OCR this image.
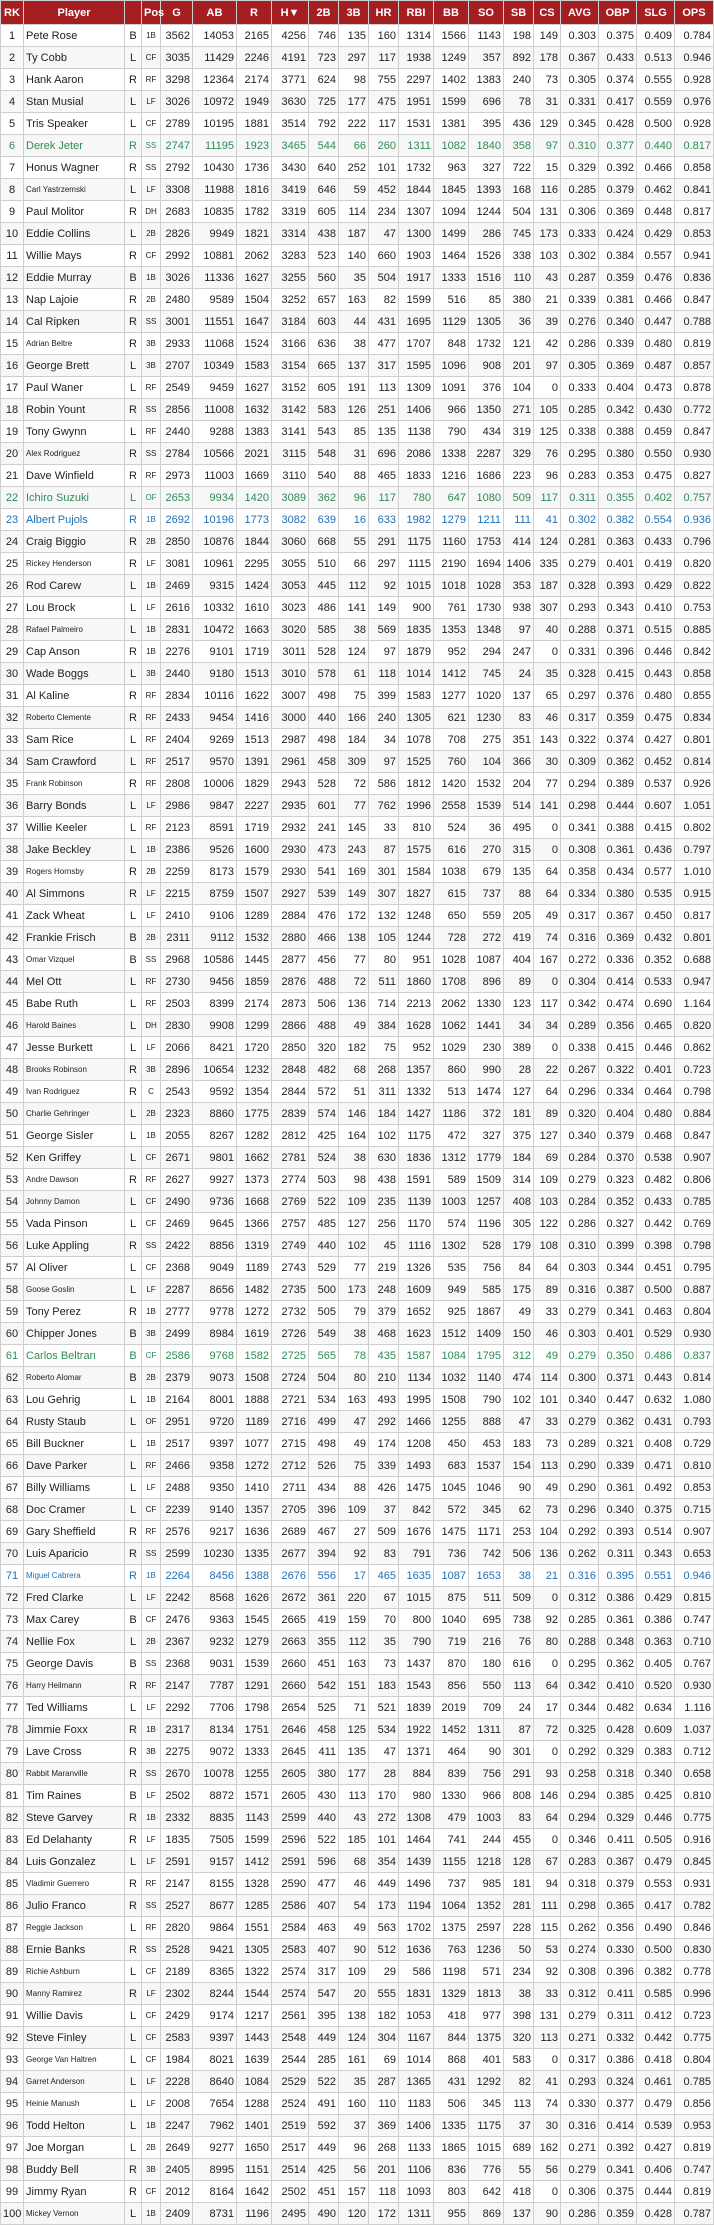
RK	Player		Pos	G	AB	R	H▼	2B	3B	HR	RBI	BB	SO	SB	CS	AVG	OBP	SLG	OPS
1	Pete Rose	B	1B	3562	14053	2165	4256	746	135	160	1314	1566	1143	198	149	0.303	0.375	0.409	0.784
2	Ty Cobb	L	CF	3035	11429	2246	4191	723	297	117	1938	1249	357	892	178	0.367	0.433	0.513	0.946
3	Hank Aaron	R	RF	3298	12364	2174	3771	624	98	755	2297	1402	1383	240	73	0.305	0.374	0.555	0.928
4	Stan Musial	L	LF	3026	10972	1949	3630	725	177	475	1951	1599	696	78	31	0.331	0.417	0.559	0.976
5	Tris Speaker	L	CF	2789	10195	1881	3514	792	222	117	1531	1381	395	436	129	0.345	0.428	0.500	0.928
6	Derek Jeter	R	SS	2747	11195	1923	3465	544	66	260	1311	1082	1840	358	97	0.310	0.377	0.440	0.817
7	Honus Wagner	R	SS	2792	10430	1736	3430	640	252	101	1732	963	327	722	15	0.329	0.392	0.466	0.858
8	Carl Yastrzemski	L	LF	3308	11988	1816	3419	646	59	452	1844	1845	1393	168	116	0.285	0.379	0.462	0.841
9	Paul Molitor	R	DH	2683	10835	1782	3319	605	114	234	1307	1094	1244	504	131	0.306	0.369	0.448	0.817
10	Eddie Collins	L	2B	2826	9949	1821	3314	438	187	47	1300	1499	286	745	173	0.333	0.424	0.429	0.853
11	Willie Mays	R	CF	2992	10881	2062	3283	523	140	660	1903	1464	1526	338	103	0.302	0.384	0.557	0.941
12	Eddie Murray	B	1B	3026	11336	1627	3255	560	35	504	1917	1333	1516	110	43	0.287	0.359	0.476	0.836
13	Nap Lajoie	R	2B	2480	9589	1504	3252	657	163	82	1599	516	85	380	21	0.339	0.381	0.466	0.847
14	Cal Ripken	R	SS	3001	11551	1647	3184	603	44	431	1695	1129	1305	36	39	0.276	0.340	0.447	0.788
15	Adrian Beltre	R	3B	2933	11068	1524	3166	636	38	477	1707	848	1732	121	42	0.286	0.339	0.480	0.819
16	George Brett	L	3B	2707	10349	1583	3154	665	137	317	1595	1096	908	201	97	0.305	0.369	0.487	0.857
17	Paul Waner	L	RF	2549	9459	1627	3152	605	191	113	1309	1091	376	104	0	0.333	0.404	0.473	0.878
18	Robin Yount	R	SS	2856	11008	1632	3142	583	126	251	1406	966	1350	271	105	0.285	0.342	0.430	0.772
19	Tony Gwynn	L	RF	2440	9288	1383	3141	543	85	135	1138	790	434	319	125	0.338	0.388	0.459	0.847
20	Alex Rodriguez	R	SS	2784	10566	2021	3115	548	31	696	2086	1338	2287	329	76	0.295	0.380	0.550	0.930
21	Dave Winfield	R	RF	2973	11003	1669	3110	540	88	465	1833	1216	1686	223	96	0.283	0.353	0.475	0.827
22	Ichiro Suzuki	L	OF	2653	9934	1420	3089	362	96	117	780	647	1080	509	117	0.311	0.355	0.402	0.757
23	Albert Pujols	R	1B	2692	10196	1773	3082	639	16	633	1982	1279	1211	111	41	0.302	0.382	0.554	0.936
24	Craig Biggio	R	2B	2850	10876	1844	3060	668	55	291	1175	1160	1753	414	124	0.281	0.363	0.433	0.796
25	Rickey Henderson	R	LF	3081	10961	2295	3055	510	66	297	1115	2190	1694	1406	335	0.279	0.401	0.419	0.820
26	Rod Carew	L	1B	2469	9315	1424	3053	445	112	92	1015	1018	1028	353	187	0.328	0.393	0.429	0.822
27	Lou Brock	L	LF	2616	10332	1610	3023	486	141	149	900	761	1730	938	307	0.293	0.343	0.410	0.753
28	Rafael Palmeiro	L	1B	2831	10472	1663	3020	585	38	569	1835	1353	1348	97	40	0.288	0.371	0.515	0.885
29	Cap Anson	R	1B	2276	9101	1719	3011	528	124	97	1879	952	294	247	0	0.331	0.396	0.446	0.842
30	Wade Boggs	L	3B	2440	9180	1513	3010	578	61	118	1014	1412	745	24	35	0.328	0.415	0.443	0.858
31	Al Kaline	R	RF	2834	10116	1622	3007	498	75	399	1583	1277	1020	137	65	0.297	0.376	0.480	0.855
32	Roberto Clemente	R	RF	2433	9454	1416	3000	440	166	240	1305	621	1230	83	46	0.317	0.359	0.475	0.834
33	Sam Rice	L	RF	2404	9269	1513	2987	498	184	34	1078	708	275	351	143	0.322	0.374	0.427	0.801
34	Sam Crawford	L	RF	2517	9570	1391	2961	458	309	97	1525	760	104	366	30	0.309	0.362	0.452	0.814
35	Frank Robinson	R	RF	2808	10006	1829	2943	528	72	586	1812	1420	1532	204	77	0.294	0.389	0.537	0.926
36	Barry Bonds	L	LF	2986	9847	2227	2935	601	77	762	1996	2558	1539	514	141	0.298	0.444	0.607	1.051
37	Willie Keeler	L	RF	2123	8591	1719	2932	241	145	33	810	524	36	495	0	0.341	0.388	0.415	0.802
38	Jake Beckley	L	1B	2386	9526	1600	2930	473	243	87	1575	616	270	315	0	0.308	0.361	0.436	0.797
39	Rogers Hornsby	R	2B	2259	8173	1579	2930	541	169	301	1584	1038	679	135	64	0.358	0.434	0.577	1.010
40	Al Simmons	R	LF	2215	8759	1507	2927	539	149	307	1827	615	737	88	64	0.334	0.380	0.535	0.915
41	Zack Wheat	L	LF	2410	9106	1289	2884	476	172	132	1248	650	559	205	49	0.317	0.367	0.450	0.817
42	Frankie Frisch	B	2B	2311	9112	1532	2880	466	138	105	1244	728	272	419	74	0.316	0.369	0.432	0.801
43	Omar Vizquel	B	SS	2968	10586	1445	2877	456	77	80	951	1028	1087	404	167	0.272	0.336	0.352	0.688
44	Mel Ott	L	RF	2730	9456	1859	2876	488	72	511	1860	1708	896	89	0	0.304	0.414	0.533	0.947
45	Babe Ruth	L	RF	2503	8399	2174	2873	506	136	714	2213	2062	1330	123	117	0.342	0.474	0.690	1.164
46	Harold Baines	L	DH	2830	9908	1299	2866	488	49	384	1628	1062	1441	34	34	0.289	0.356	0.465	0.820
47	Jesse Burkett	L	LF	2066	8421	1720	2850	320	182	75	952	1029	230	389	0	0.338	0.415	0.446	0.862
48	Brooks Robinson	R	3B	2896	10654	1232	2848	482	68	268	1357	860	990	28	22	0.267	0.322	0.401	0.723
49	Ivan Rodriguez	R	C	2543	9592	1354	2844	572	51	311	1332	513	1474	127	64	0.296	0.334	0.464	0.798
50	Charlie Gehringer	L	2B	2323	8860	1775	2839	574	146	184	1427	1186	372	181	89	0.320	0.404	0.480	0.884
51	George Sisler	L	1B	2055	8267	1282	2812	425	164	102	1175	472	327	375	127	0.340	0.379	0.468	0.847
52	Ken Griffey	L	CF	2671	9801	1662	2781	524	38	630	1836	1312	1779	184	69	0.284	0.370	0.538	0.907
53	Andre Dawson	R	RF	2627	9927	1373	2774	503	98	438	1591	589	1509	314	109	0.279	0.323	0.482	0.806
54	Johnny Damon	L	CF	2490	9736	1668	2769	522	109	235	1139	1003	1257	408	103	0.284	0.352	0.433	0.785
55	Vada Pinson	L	CF	2469	9645	1366	2757	485	127	256	1170	574	1196	305	122	0.286	0.327	0.442	0.769
56	Luke Appling	R	SS	2422	8856	1319	2749	440	102	45	1116	1302	528	179	108	0.310	0.399	0.398	0.798
57	Al Oliver	L	CF	2368	9049	1189	2743	529	77	219	1326	535	756	84	64	0.303	0.344	0.451	0.795
58	Goose Goslin	L	LF	2287	8656	1482	2735	500	173	248	1609	949	585	175	89	0.316	0.387	0.500	0.887
59	Tony Perez	R	1B	2777	9778	1272	2732	505	79	379	1652	925	1867	49	33	0.279	0.341	0.463	0.804
60	Chipper Jones	B	3B	2499	8984	1619	2726	549	38	468	1623	1512	1409	150	46	0.303	0.401	0.529	0.930
61	Carlos Beltran	B	CF	2586	9768	1582	2725	565	78	435	1587	1084	1795	312	49	0.279	0.350	0.486	0.837
62	Roberto Alomar	B	2B	2379	9073	1508	2724	504	80	210	1134	1032	1140	474	114	0.300	0.371	0.443	0.814
63	Lou Gehrig	L	1B	2164	8001	1888	2721	534	163	493	1995	1508	790	102	101	0.340	0.447	0.632	1.080
64	Rusty Staub	L	OF	2951	9720	1189	2716	499	47	292	1466	1255	888	47	33	0.279	0.362	0.431	0.793
65	Bill Buckner	L	1B	2517	9397	1077	2715	498	49	174	1208	450	453	183	73	0.289	0.321	0.408	0.729
66	Dave Parker	L	RF	2466	9358	1272	2712	526	75	339	1493	683	1537	154	113	0.290	0.339	0.471	0.810
67	Billy Williams	L	LF	2488	9350	1410	2711	434	88	426	1475	1045	1046	90	49	0.290	0.361	0.492	0.853
68	Doc Cramer	L	CF	2239	9140	1357	2705	396	109	37	842	572	345	62	73	0.296	0.340	0.375	0.715
69	Gary Sheffield	R	RF	2576	9217	1636	2689	467	27	509	1676	1475	1171	253	104	0.292	0.393	0.514	0.907
70	Luis Aparicio	R	SS	2599	10230	1335	2677	394	92	83	791	736	742	506	136	0.262	0.311	0.343	0.653
71	Miguel Cabrera	R	1B	2264	8456	1388	2676	556	17	465	1635	1087	1653	38	21	0.316	0.395	0.551	0.946
72	Fred Clarke	L	LF	2242	8568	1626	2672	361	220	67	1015	875	511	509	0	0.312	0.386	0.429	0.815
73	Max Carey	B	CF	2476	9363	1545	2665	419	159	70	800	1040	695	738	92	0.285	0.361	0.386	0.747
74	Nellie Fox	L	2B	2367	9232	1279	2663	355	112	35	790	719	216	76	80	0.288	0.348	0.363	0.710
75	George Davis	B	SS	2368	9031	1539	2660	451	163	73	1437	870	180	616	0	0.295	0.362	0.405	0.767
76	Harry Heilmann	R	RF	2147	7787	1291	2660	542	151	183	1543	856	550	113	64	0.342	0.410	0.520	0.930
77	Ted Williams	L	LF	2292	7706	1798	2654	525	71	521	1839	2019	709	24	17	0.344	0.482	0.634	1.116
78	Jimmie Foxx	R	1B	2317	8134	1751	2646	458	125	534	1922	1452	1311	87	72	0.325	0.428	0.609	1.037
79	Lave Cross	R	3B	2275	9072	1333	2645	411	135	47	1371	464	90	301	0	0.292	0.329	0.383	0.712
80	Rabbit Maranville	R	SS	2670	10078	1255	2605	380	177	28	884	839	756	291	93	0.258	0.318	0.340	0.658
81	Tim Raines	B	LF	2502	8872	1571	2605	430	113	170	980	1330	966	808	146	0.294	0.385	0.425	0.810
82	Steve Garvey	R	1B	2332	8835	1143	2599	440	43	272	1308	479	1003	83	64	0.294	0.329	0.446	0.775
83	Ed Delahanty	R	LF	1835	7505	1599	2596	522	185	101	1464	741	244	455	0	0.346	0.411	0.505	0.916
84	Luis Gonzalez	L	LF	2591	9157	1412	2591	596	68	354	1439	1155	1218	128	67	0.283	0.367	0.479	0.845
85	Vladimir Guerrero	R	RF	2147	8155	1328	2590	477	46	449	1496	737	985	181	94	0.318	0.379	0.553	0.931
86	Julio Franco	R	SS	2527	8677	1285	2586	407	54	173	1194	1064	1352	281	111	0.298	0.365	0.417	0.782
87	Reggie Jackson	L	RF	2820	9864	1551	2584	463	49	563	1702	1375	2597	228	115	0.262	0.356	0.490	0.846
88	Ernie Banks	R	SS	2528	9421	1305	2583	407	90	512	1636	763	1236	50	53	0.274	0.330	0.500	0.830
89	Richie Ashburn	L	CF	2189	8365	1322	2574	317	109	29	586	1198	571	234	92	0.308	0.396	0.382	0.778
90	Manny Ramirez	R	LF	2302	8244	1544	2574	547	20	555	1831	1329	1813	38	33	0.312	0.411	0.585	0.996
91	Willie Davis	L	CF	2429	9174	1217	2561	395	138	182	1053	418	977	398	131	0.279	0.311	0.412	0.723
92	Steve Finley	L	CF	2583	9397	1443	2548	449	124	304	1167	844	1375	320	113	0.271	0.332	0.442	0.775
93	George Van Haltren	L	CF	1984	8021	1639	2544	285	161	69	1014	868	401	583	0	0.317	0.386	0.418	0.804
94	Garret Anderson	L	LF	2228	8640	1084	2529	522	35	287	1365	431	1292	82	41	0.293	0.324	0.461	0.785
95	Heinie Manush	L	LF	2008	7654	1288	2524	491	160	110	1183	506	345	113	74	0.330	0.377	0.479	0.856
96	Todd Helton	L	1B	2247	7962	1401	2519	592	37	369	1406	1335	1175	37	30	0.316	0.414	0.539	0.953
97	Joe Morgan	L	2B	2649	9277	1650	2517	449	96	268	1133	1865	1015	689	162	0.271	0.392	0.427	0.819
98	Buddy Bell	R	3B	2405	8995	1151	2514	425	56	201	1106	836	776	55	56	0.279	0.341	0.406	0.747
99	Jimmy Ryan	R	CF	2012	8164	1642	2502	451	157	118	1093	803	642	418	0	0.306	0.375	0.444	0.819
100	Mickey Vernon	L	1B	2409	8731	1196	2495	490	120	172	1311	955	869	137	90	0.286	0.359	0.428	0.787
